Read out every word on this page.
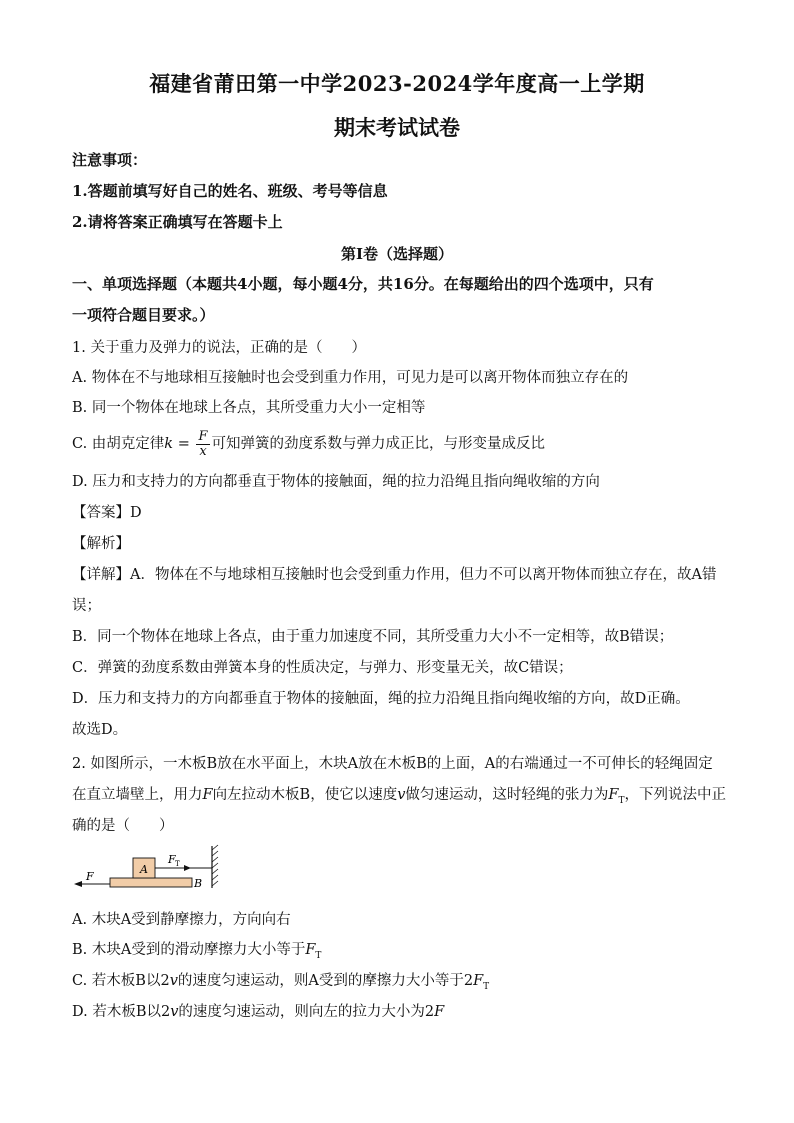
福建省莆田第一中学2023-2024学年度高一上学期
期末考试试卷
注意事项：
1.答题前填写好自己的姓名、班级、考号等信息
2.请将答案正确填写在答题卡上
第I卷（选择题）
一、单项选择题（本题共4小题，每小题4分，共16分。在每题给出的四个选项中，只有
一项符合题目要求。）
1. 关于重力及弹力的说法，正确的是（　　）
A. 物体在不与地球相互接触时也会受到重力作用，可见力是可以离开物体而独立存在的
B. 同一个物体在地球上各点，其所受重力大小一定相等
C. 由胡克定律$k = \frac{F}{x}$ 可知弹簧的劲度系数与弹力成正比，与形变量成反比
D. 压力和支持力的方向都垂直于物体的接触面，绳的拉力沿绳且指向绳收缩的方向
【答案】D
【解析】
【详解】A．物体在不与地球相互接触时也会受到重力作用，但力不可以离开物体而独立存在，故A错
误；
B．同一个物体在地球上各点，由于重力加速度不同，其所受重力大小不一定相等，故B错误；
C．弹簧的劲度系数由弹簧本身的性质决定，与弹力、形变量无关，故C错误；
D．压力和支持力的方向都垂直于物体的接触面，绳的拉力沿绳且指向绳收缩的方向，故D正确。
故选D。
2. 如图所示，一木板B放在水平面上，木块A放在木板B的上面，A的右端通过一不可伸长的轻绳固定
在直立墙壁上，用力F向左拉动木板B，使它以速度v做匀速运动，这时轻绳的张力为$F_T$，下列说法中正
确的是（　　）
F
A
B
F T
A. 木块A受到静摩擦力，方向向右
B. 木块A受到的滑动摩擦力大小等于$F_T$
C. 若木板B以2v的速度匀速运动，则A受到的摩擦力大小等于$2F_T$
D. 若木板B以2v的速度匀速运动，则向左的拉力大小为2F
